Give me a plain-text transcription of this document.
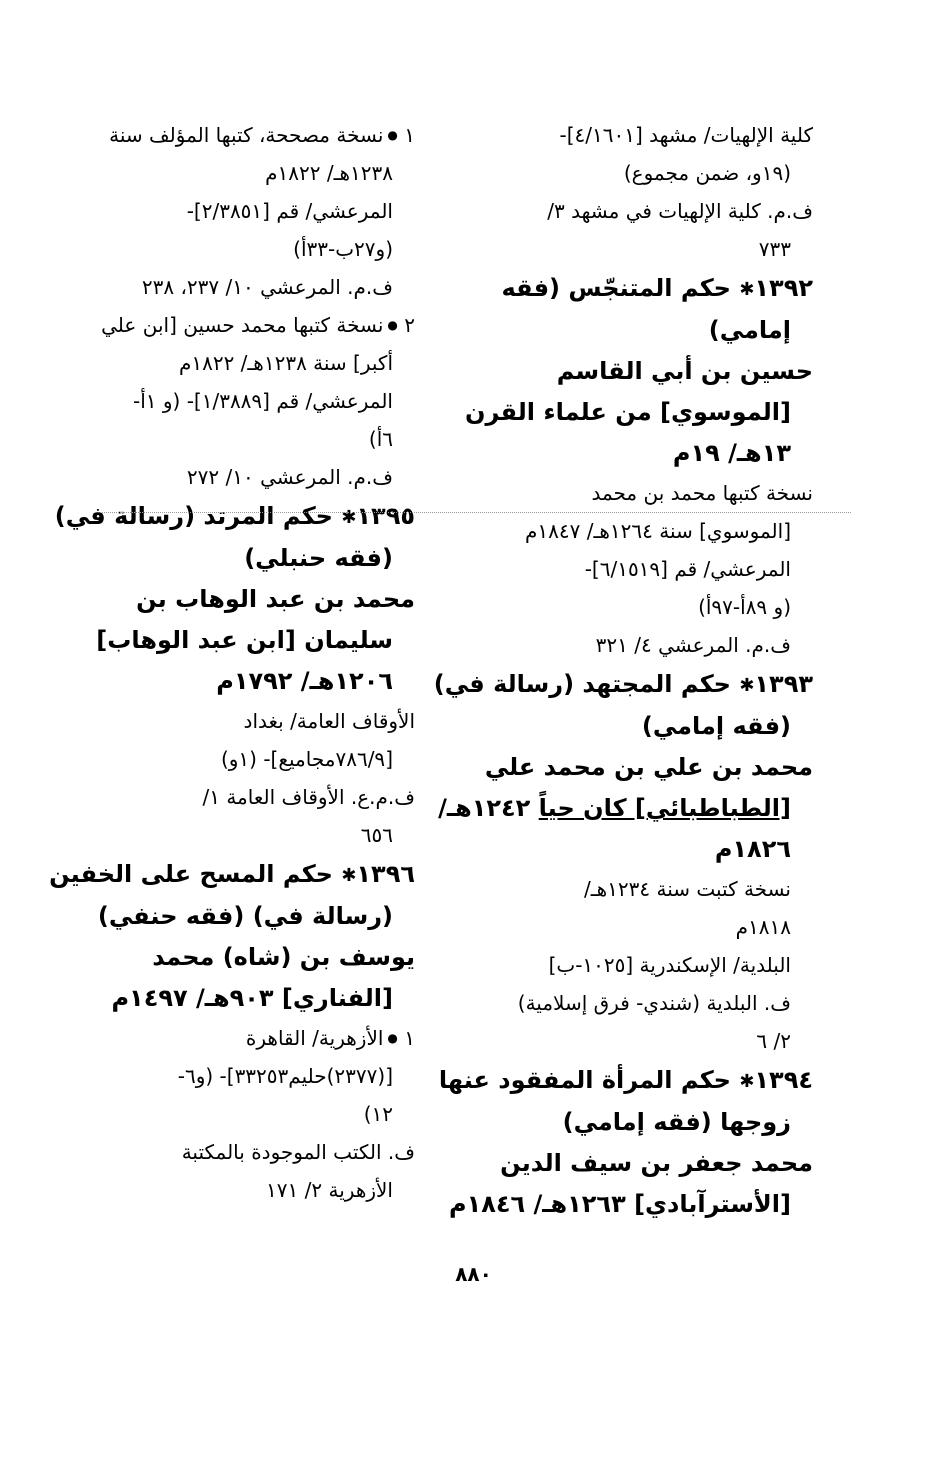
كلية الإلهيات/ مشهد [٤/١٦٠١]-

(١٩و، ضمن مجموع)

ف.م. كلية الإلهيات في مشهد ٣/

٧٣٣

١٣٩٢✱ حكم المتنجّس (فقه

إمامي)

حسين بن أبي القاسم

[الموسوي] من علماء القرن

١٣هـ/ ١٩م

نسخة كتبها محمد بن محمد

[الموسوي] سنة ١٢٦٤هـ/ ١٨٤٧م

المرعشي/ قم [٦/١٥١٩]-

(و ٨٩أ-٩٧أ)

ف.م. المرعشي ٤/ ٣٢١

١٣٩٣✱ حكم المجتهد (رسالة في)

(فقه إمامي)

محمد بن علي بن محمد علي

[الطباطبائي] كان حياً ١٢٤٢هـ/

١٨٢٦م

نسخة كتبت سنة ١٢٣٤هـ/

١٨١٨م

البلدية/ الإسكندرية [١٠٢٥-ب]

ف. البلدية (شندي- فرق إسلامية)

٢/ ٦

١٣٩٤✱ حكم المرأة المفقود عنها

زوجها (فقه إمامي)

محمد جعفر بن سيف الدين

[الأسترآبادي] ١٢٦٣هـ/ ١٨٤٦م

١ ●نسخة مصححة، كتبها المؤلف سنة

١٢٣٨هـ/ ١٨٢٢م

المرعشي/ قم [٢/٣٨٥١]-

(و٢٧ب-٣٣أ)

ف.م. المرعشي ١٠/ ٢٣٧، ٢٣٨

٢ ●نسخة كتبها محمد حسين [ابن علي

أكبر] سنة ١٢٣٨هـ/ ١٨٢٢م

المرعشي/ قم [١/٣٨٨٩]- (و ١أ-

٦أ)

ف.م. المرعشي ١٠/ ٢٧٢

١٣٩٥✱ حكم المرتد (رسالة في)

(فقه حنبلي)

محمد بن عبد الوهاب بن

سليمان [ابن عبد الوهاب]

١٢٠٦هـ/ ١٧٩٢م

الأوقاف العامة/ بغداد

[٧٨٦/٩مجاميع]- (١و)

ف.م.ع. الأوقاف العامة ١/

٦٥٦

١٣٩٦✱ حكم المسح على الخفين

(رسالة في) (فقه حنفي)

يوسف بن (شاه) محمد

[الفناري] ٩٠٣هـ/ ١٤٩٧م

١ ●الأزهرية/ القاهرة

[(٢٣٧٧)حليم٣٣٢٥٣]- (و٦-

١٢)

ف. الكتب الموجودة بالمكتبة

الأزهرية ٢/ ١٧١

٨٨٠
